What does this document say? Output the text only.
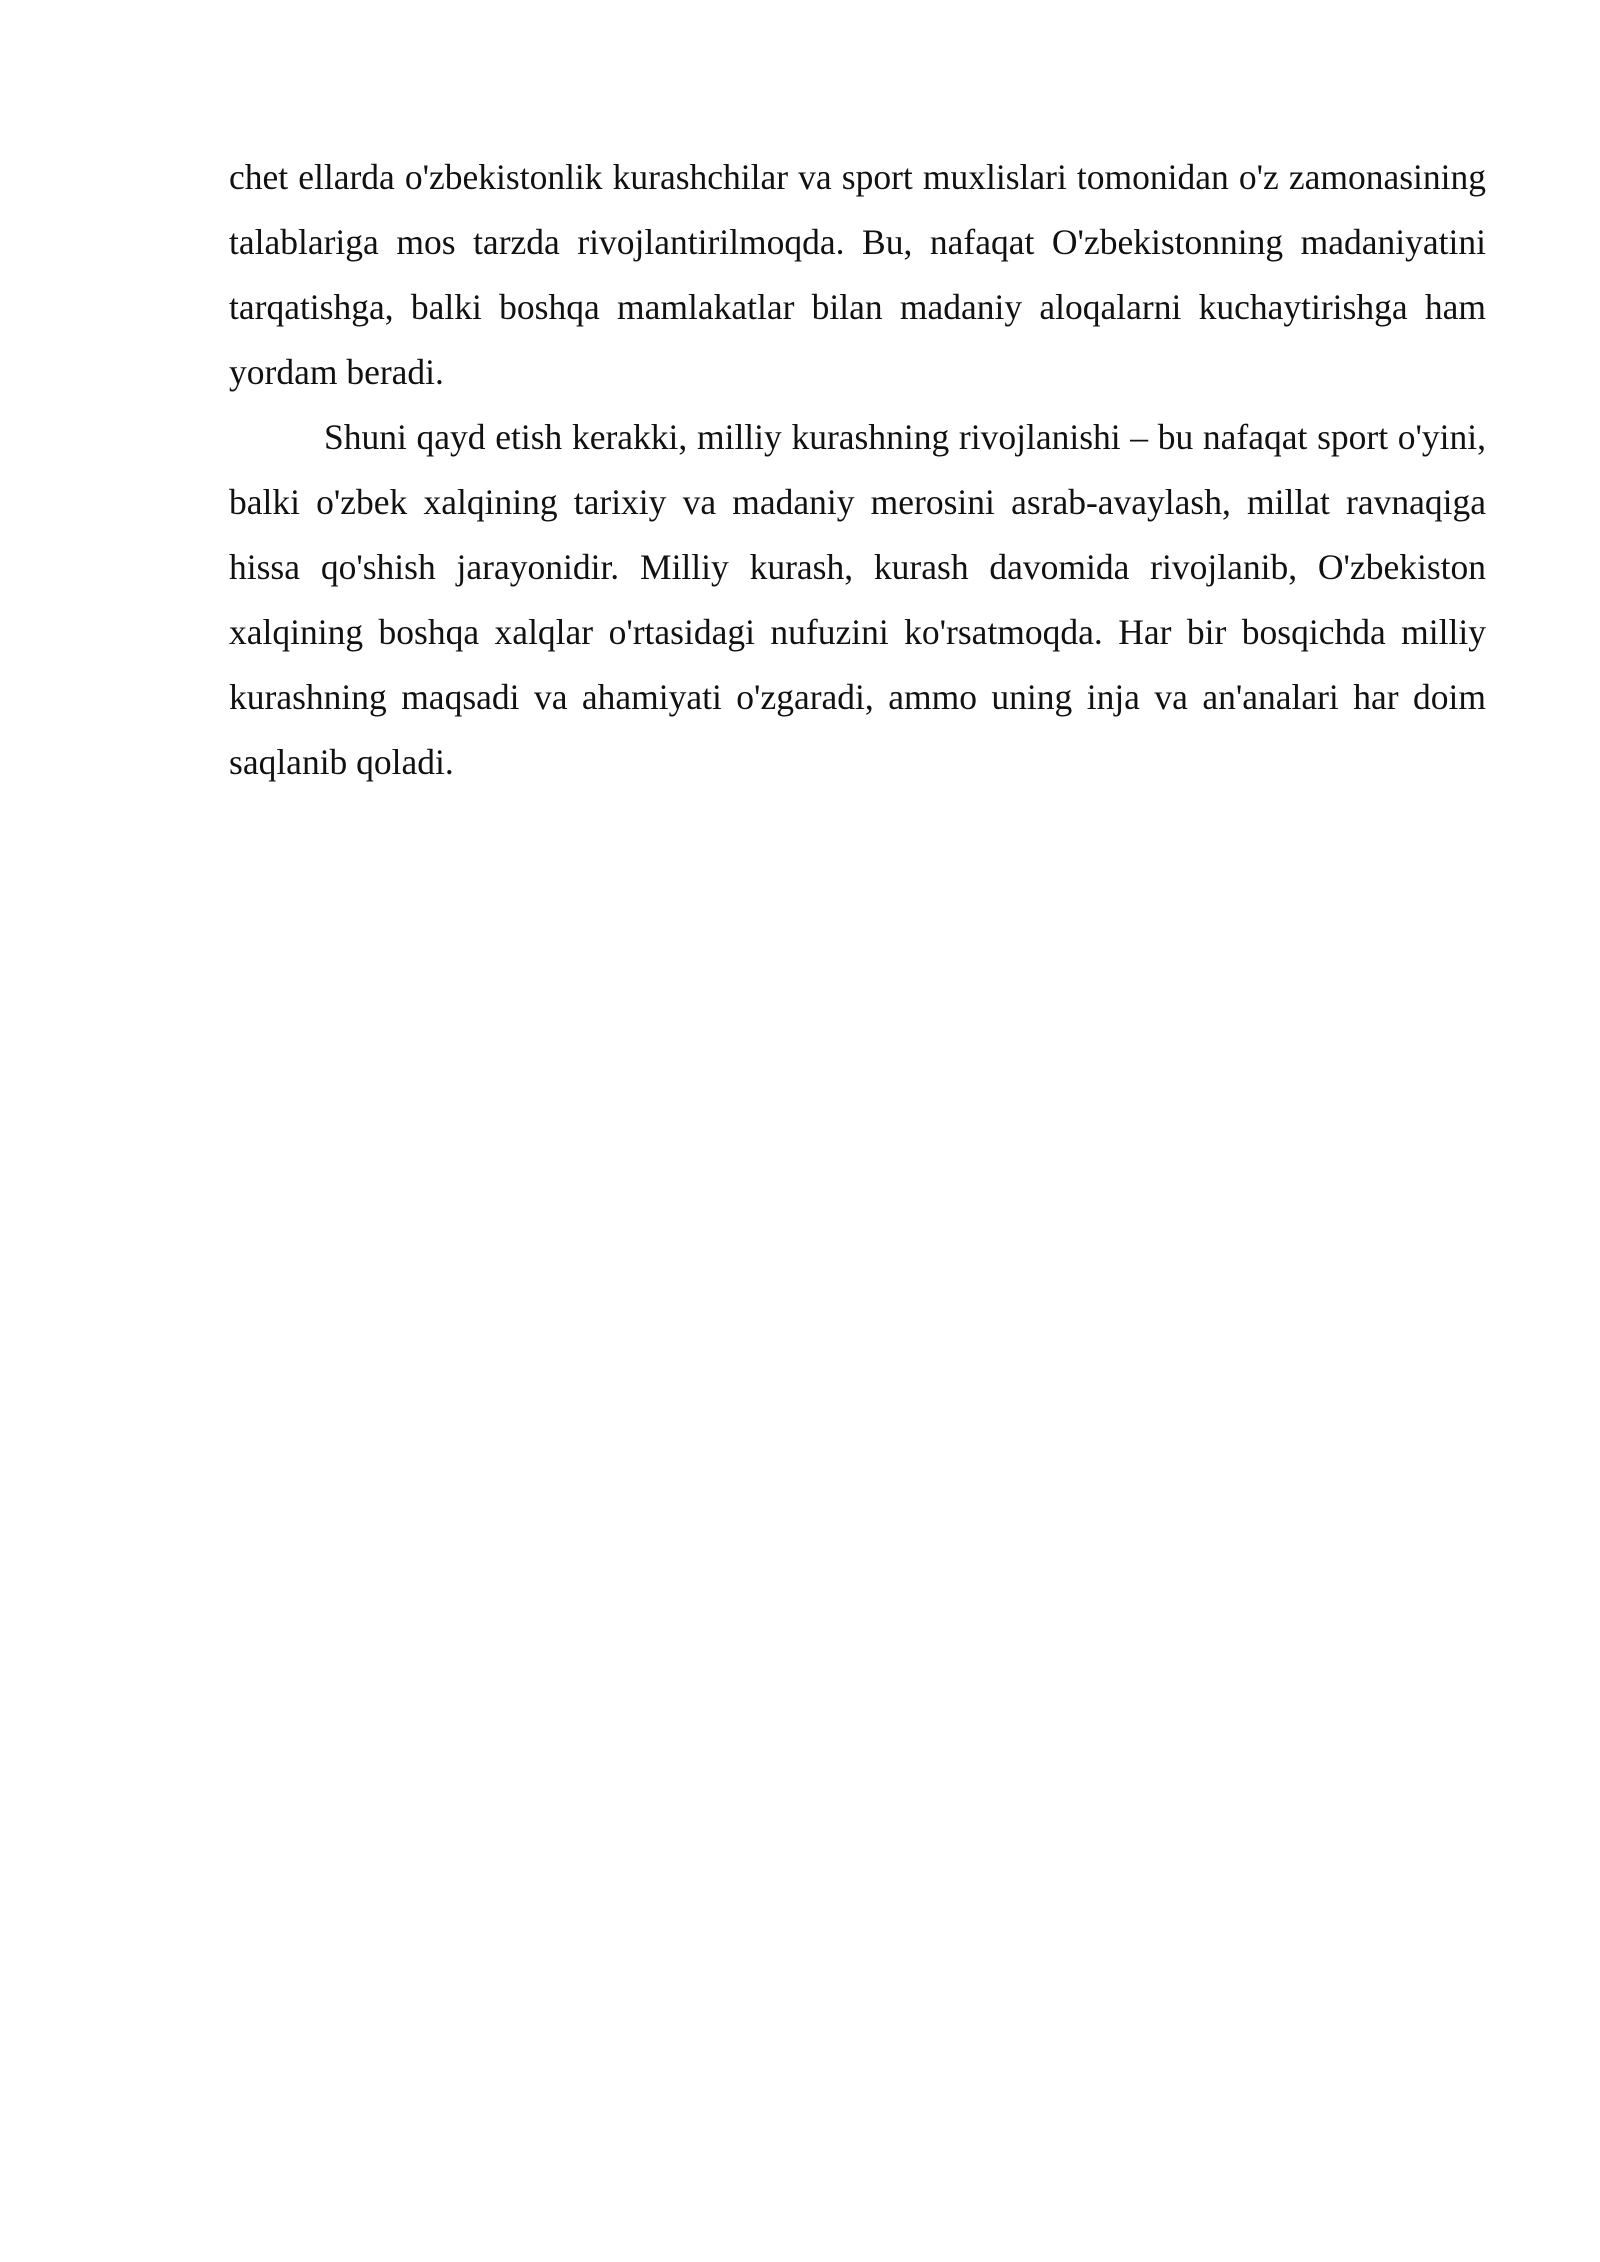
chet ellarda o'zbekistonlik kurashchilar va sport muxlislari tomonidan o'z zamonasining talablariga mos tarzda rivojlantirilmoqda. Bu, nafaqat O'zbekistonning madaniyatini tarqatishga, balki boshqa mamlakatlar bilan madaniy aloqalarni kuchaytirishga ham yordam beradi.

Shuni qayd etish kerakki, milliy kurashning rivojlanishi – bu nafaqat sport o'yini, balki o'zbek xalqining tarixiy va madaniy merosini asrab-avaylash, millat ravnaqiga hissa qo'shish jarayonidir. Milliy kurash, kurash davomida rivojlanib, O'zbekiston xalqining boshqa xalqlar o'rtasidagi nufuzini ko'rsatmoqda. Har bir bosqichda milliy kurashning maqsadi va ahamiyati o'zgaradi, ammo uning inja va an'analari har doim saqlanib qoladi.
